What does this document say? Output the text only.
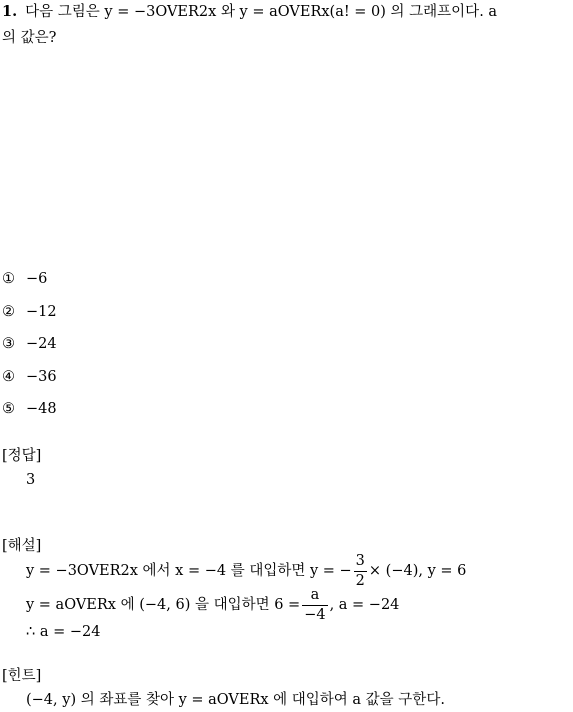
1. 다음 그림은 y = −3OVER2x 와 y = aOVERx(a! = 0) 의 그래프이다. a
의 값은?
① −6
② −12
③ −24
④ −36
⑤ −48
[정답]
3
[해설]
y = −3OVER2x 에서 x = −4 를 대입하면 y = − $\frac{3}{2} \times (-4)$, y = 6
y = aOVERx 에 (−4, 6) 을 대입하면 $6 = \frac{a}{-4}$ , a = −24
∴ a = −24
[힌트]
(−4, y) 의 좌표를 찾아 y = aOVERx 에 대입하여 a 값을 구한다.
